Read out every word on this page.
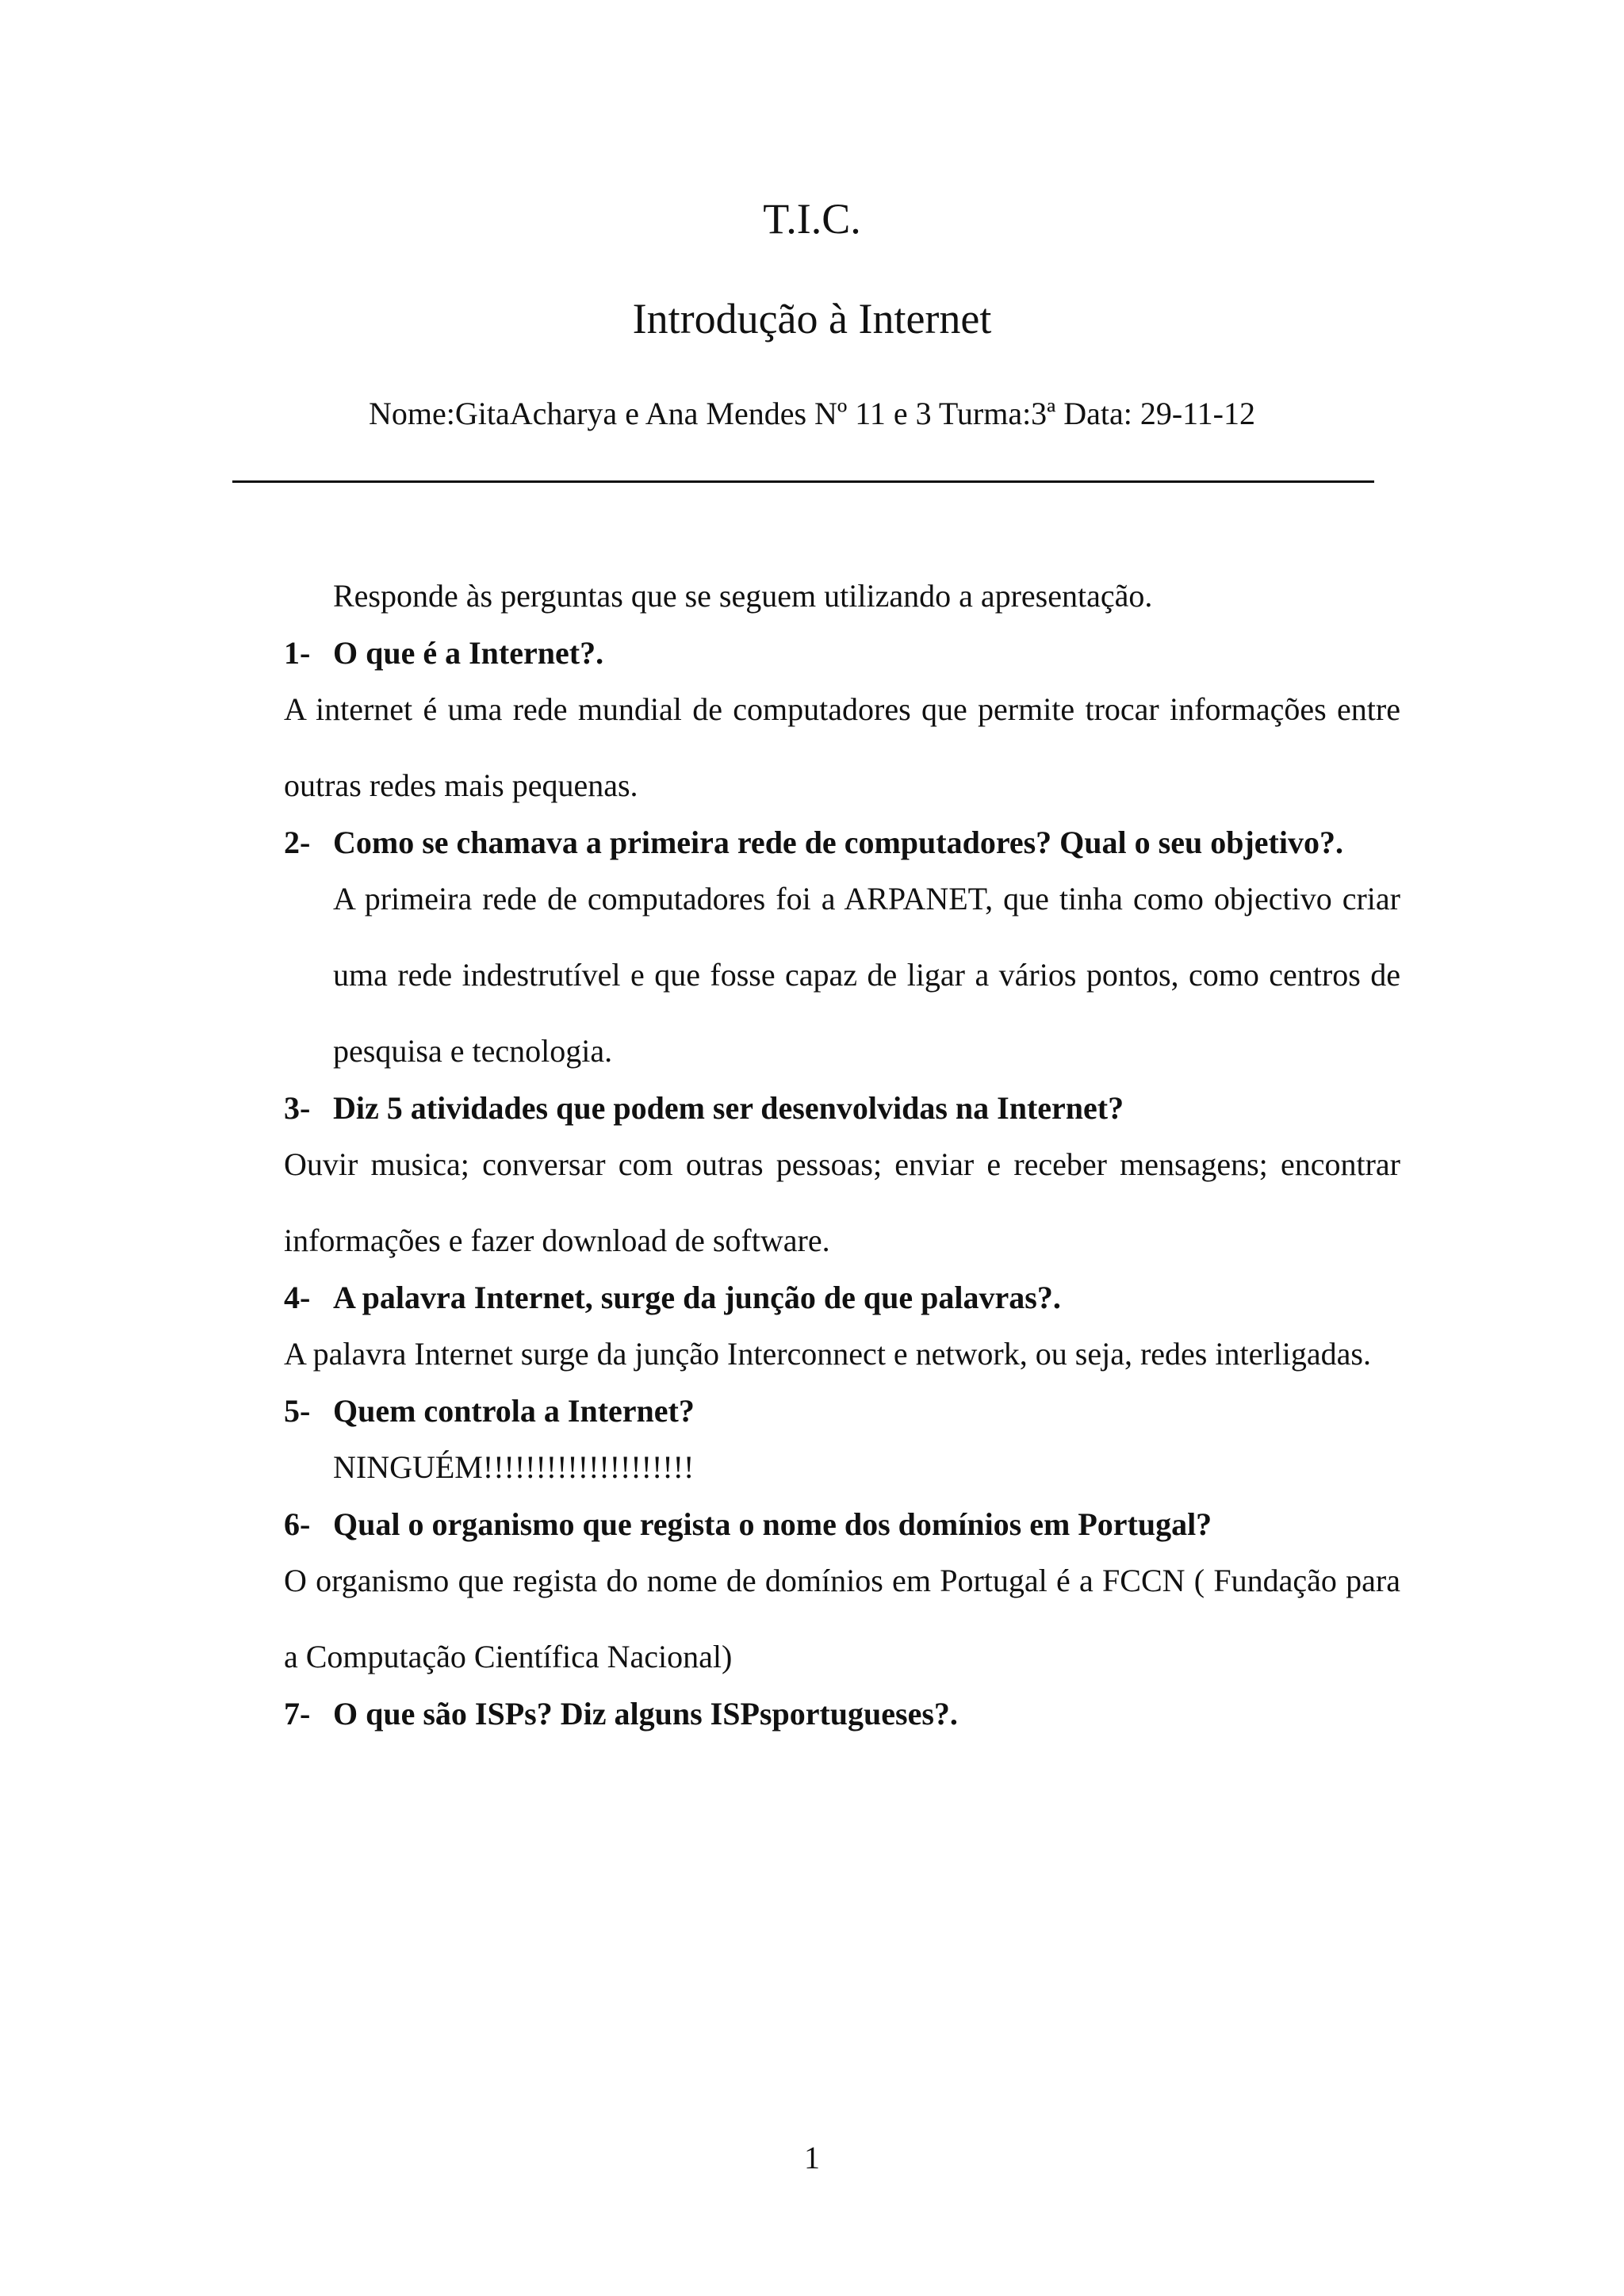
T.I.C.
Introdução à Internet
Nome:GitaAcharya e Ana Mendes Nº 11 e 3 Turma:3ª Data: 29-11-12

Responde às perguntas que se seguem utilizando a apresentação.

1- O que é a Internet?.

A internet é uma rede mundial de computadores que permite trocar informações entre outras redes mais pequenas.

2- Como se chamava a primeira rede de computadores? Qual o seu objetivo?.

A primeira rede de computadores foi a ARPANET, que tinha como objectivo criar uma rede indestrutível e que fosse capaz de ligar a vários pontos, como centros de pesquisa e tecnologia.

3- Diz 5 atividades que podem ser desenvolvidas na Internet?

Ouvir musica; conversar com outras pessoas; enviar e receber mensagens; encontrar informações e fazer download de software.

4- A palavra Internet, surge da junção de que palavras?.

A palavra Internet surge da junção Interconnect e network, ou seja, redes interligadas.

5- Quem controla a Internet?

NINGUÉM!!!!!!!!!!!!!!!!!!!!

6- Qual o organismo que regista o nome dos domínios em Portugal?

O organismo que regista do nome de domínios em Portugal é a FCCN ( Fundação para a Computação Científica Nacional)

7- O que são ISPs? Diz alguns ISPsportugueses?.
1
